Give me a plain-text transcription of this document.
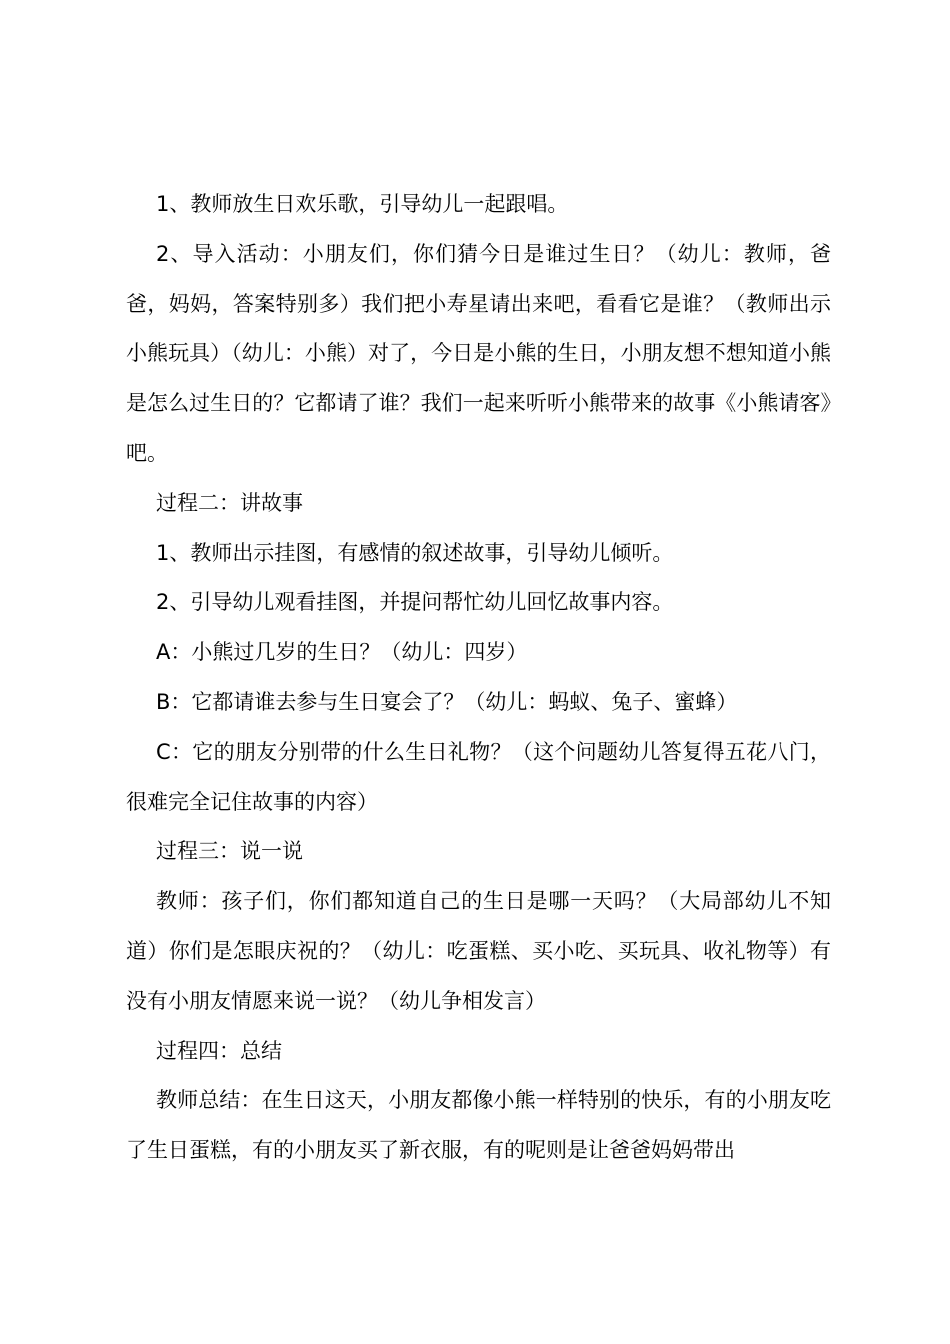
1、教师放生日欢乐歌，引导幼儿一起跟唱。

2、导入活动：小朋友们，你们猜今日是谁过生日？（幼儿：教师，爸爸，妈妈，答案特别多）我们把小寿星请出来吧，看看它是谁？（教师出示小熊玩具）（幼儿：小熊）对了，今日是小熊的生日，小朋友想不想知道小熊是怎么过生日的？它都请了谁？我们一起来听听小熊带来的故事《小熊请客》吧。

过程二：讲故事

1、教师出示挂图，有感情的叙述故事，引导幼儿倾听。

2、引导幼儿观看挂图，并提问帮忙幼儿回忆故事内容。

A：小熊过几岁的生日？（幼儿：四岁）

B：它都请谁去参与生日宴会了？（幼儿：蚂蚁、兔子、蜜蜂）

C：它的朋友分别带的什么生日礼物？（这个问题幼儿答复得五花八门，很难完全记住故事的内容）

过程三：说一说

教师：孩子们，你们都知道自己的生日是哪一天吗？（大局部幼儿不知道）你们是怎眼庆祝的？（幼儿：吃蛋糕、买小吃、买玩具、收礼物等）有没有小朋友情愿来说一说？（幼儿争相发言）

过程四：总结

教师总结：在生日这天，小朋友都像小熊一样特别的快乐，有的小朋友吃了生日蛋糕，有的小朋友买了新衣服，有的呢则是让爸爸妈妈带出
